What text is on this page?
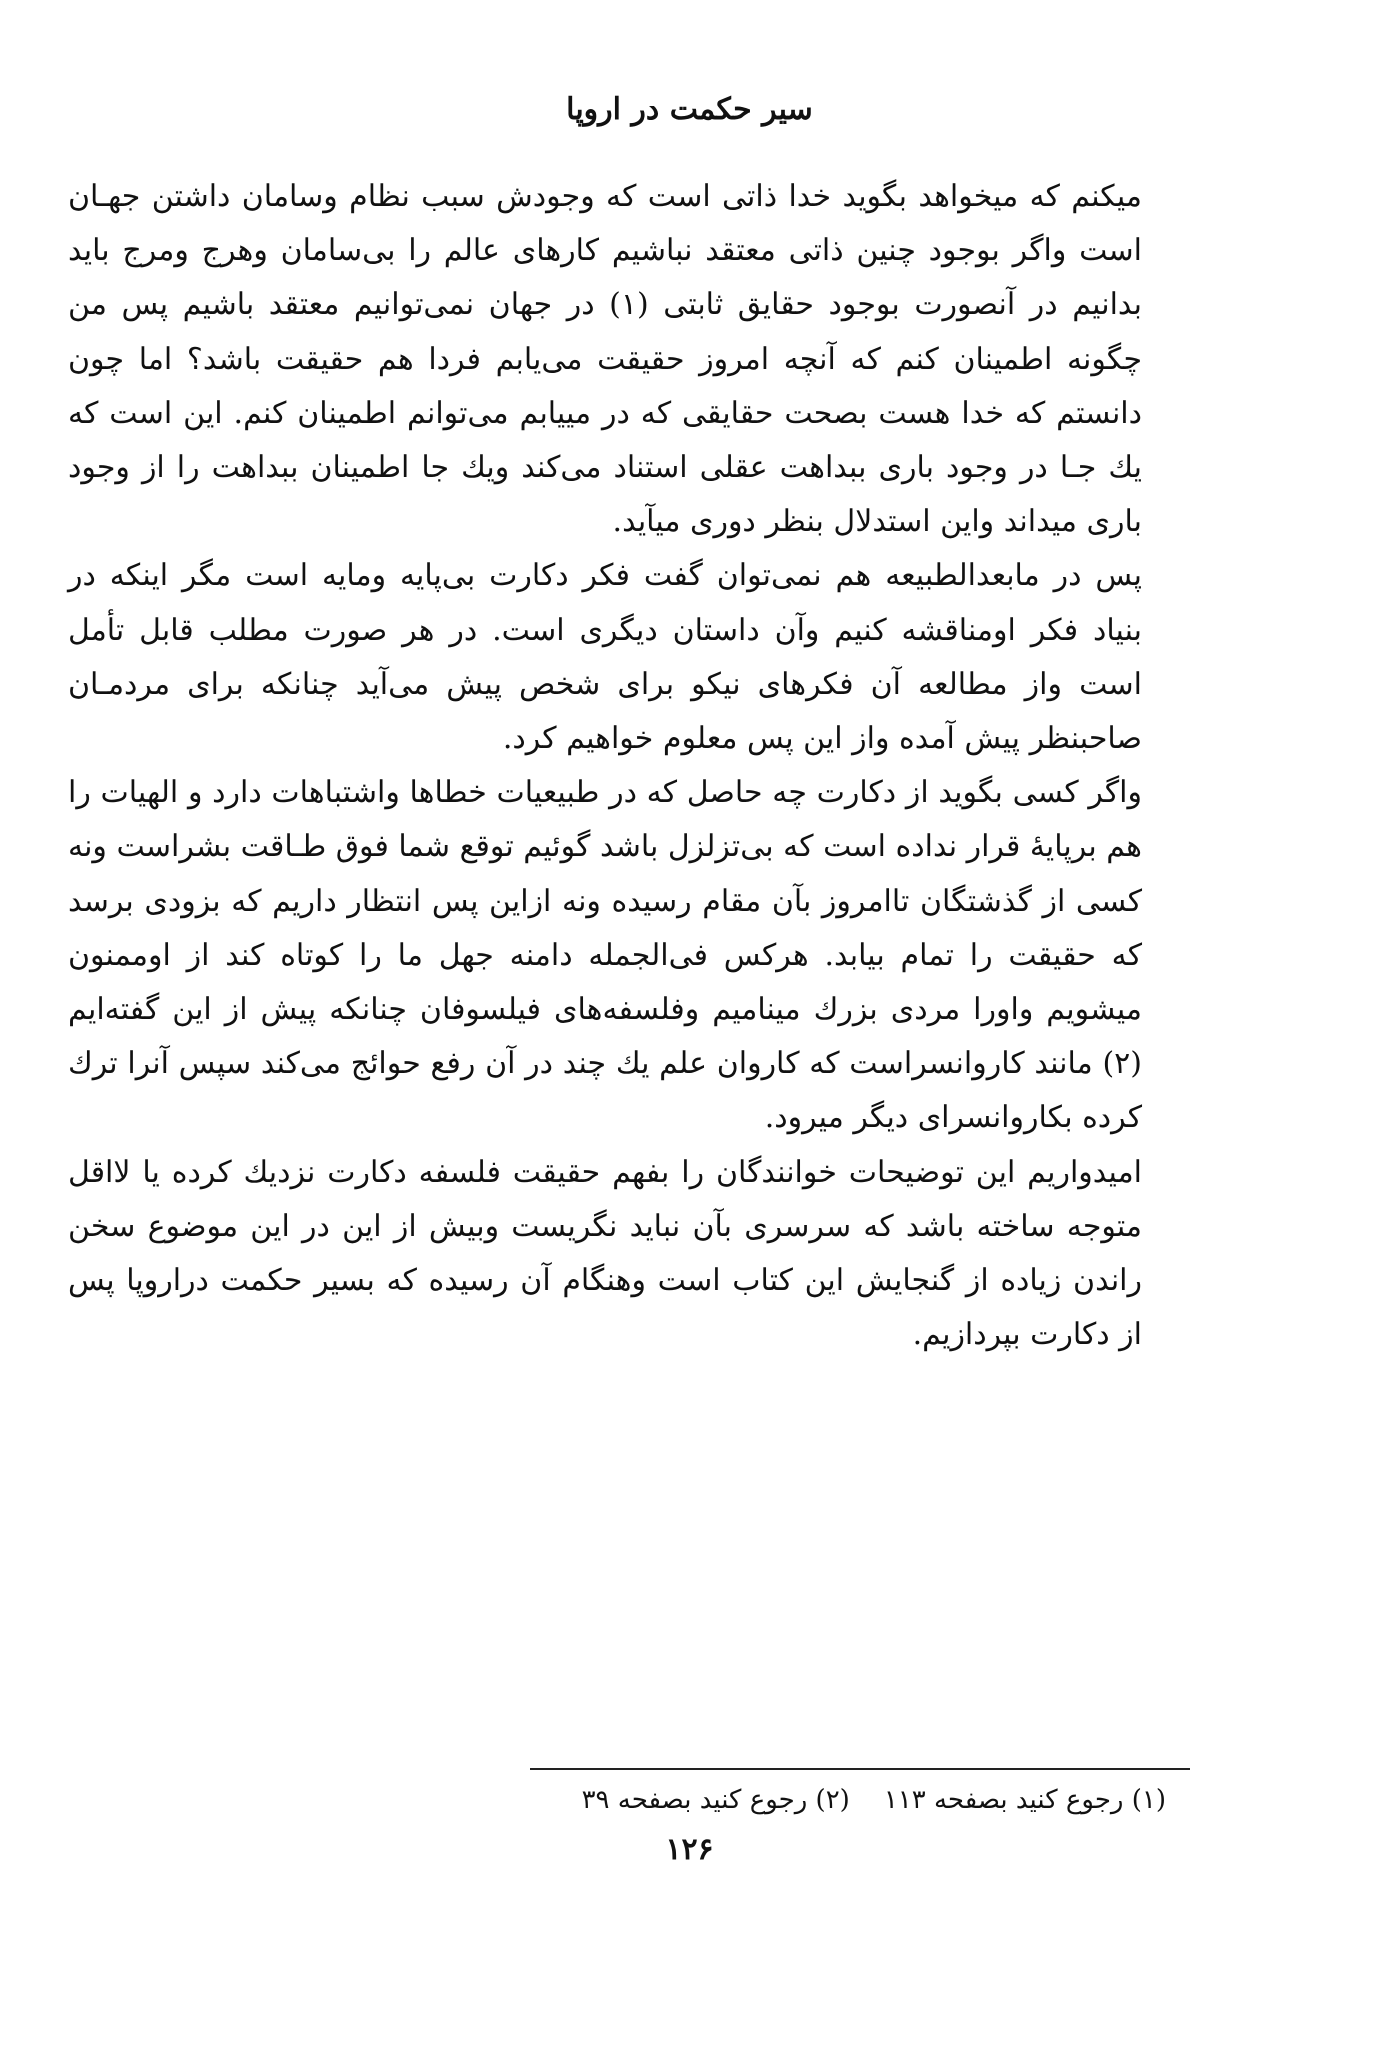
سیر حکمت در اروپا

میکنم که میخواهد بگوید خدا ذاتی است که وجودش سبب نظام وسامان داشتن جهـان است واگر بوجود چنین ذاتی معتقد نباشیم کارهای عالم را بی‌سامان وهرج ومرج باید بدانیم در آنصورت بوجود حقایق ثابتی (۱) در جهان نمی‌توانیم معتقد باشیم پس من چگونه اطمینان کنم که آنچه امروز حقیقت می‌یابم فردا هم حقیقت باشد؟ اما چون دانستم که خدا هست بصحت حقایقی که در مییابم می‌توانم اطمینان کنم. این است که یك جـا در وجود باری ببداهت عقلی استناد می‌کند ویك جا اطمینان ببداهت را از وجود باری میداند واین استدلال بنظر دوری میآید.

پس در مابعدالطبیعه هم نمی‌توان گفت فکر دکارت بی‌پایه ومایه است مگر اینکه در بنیاد فکر اومناقشه کنیم وآن داستان دیگری است. در هر صورت مطلب قابل تأمل است واز مطالعه آن فکرهای نیکو برای شخص پیش می‌آید چنانکه برای مردمـان صاحبنظر پیش آمده واز این پس معلوم خواهیم کرد.

واگر کسی بگوید از دکارت چه حاصل که در طبیعیات خطاها واشتباهات دارد و الهیات را هم برپایهٔ قرار نداده است که بی‌تزلزل باشد گوئیم توقع شما فوق طـاقت بشراست ونه کسی از گذشتگان تاامروز بآن مقام رسیده ونه ازاین پس انتظار داریم که بزودی برسد که حقیقت را تمام بیابد. هرکس فی‌الجمله دامنه جهل ما را کوتاه کند از اوممنون میشویم واورا مردی بزرك میناميم وفلسفه‌های فیلسوفان چنانکه پیش از این گفته‌ایم (۲) مانند کاروانسراست که کاروان علم یك چند در آن رفع حوائج می‌کند سپس آنرا ترك کرده بکاروانسرای دیگر میرود.

امیدواریم این توضیحات خوانندگان را بفهم حقیقت فلسفه دکارت نزدیك کرده یا لااقل متوجه ساخته باشد که سرسری بآن نباید نگریست وبیش از این در این موضوع سخن راندن زیاده از گنجایش این کتاب است وهنگام آن رسیده که بسیر حکمت دراروپا پس از دکارت بپردازیم.

(۱) رجوع کنید بصفحه ۱۱۳(۲) رجوع کنید بصفحه ۳۹
۱۲۶
